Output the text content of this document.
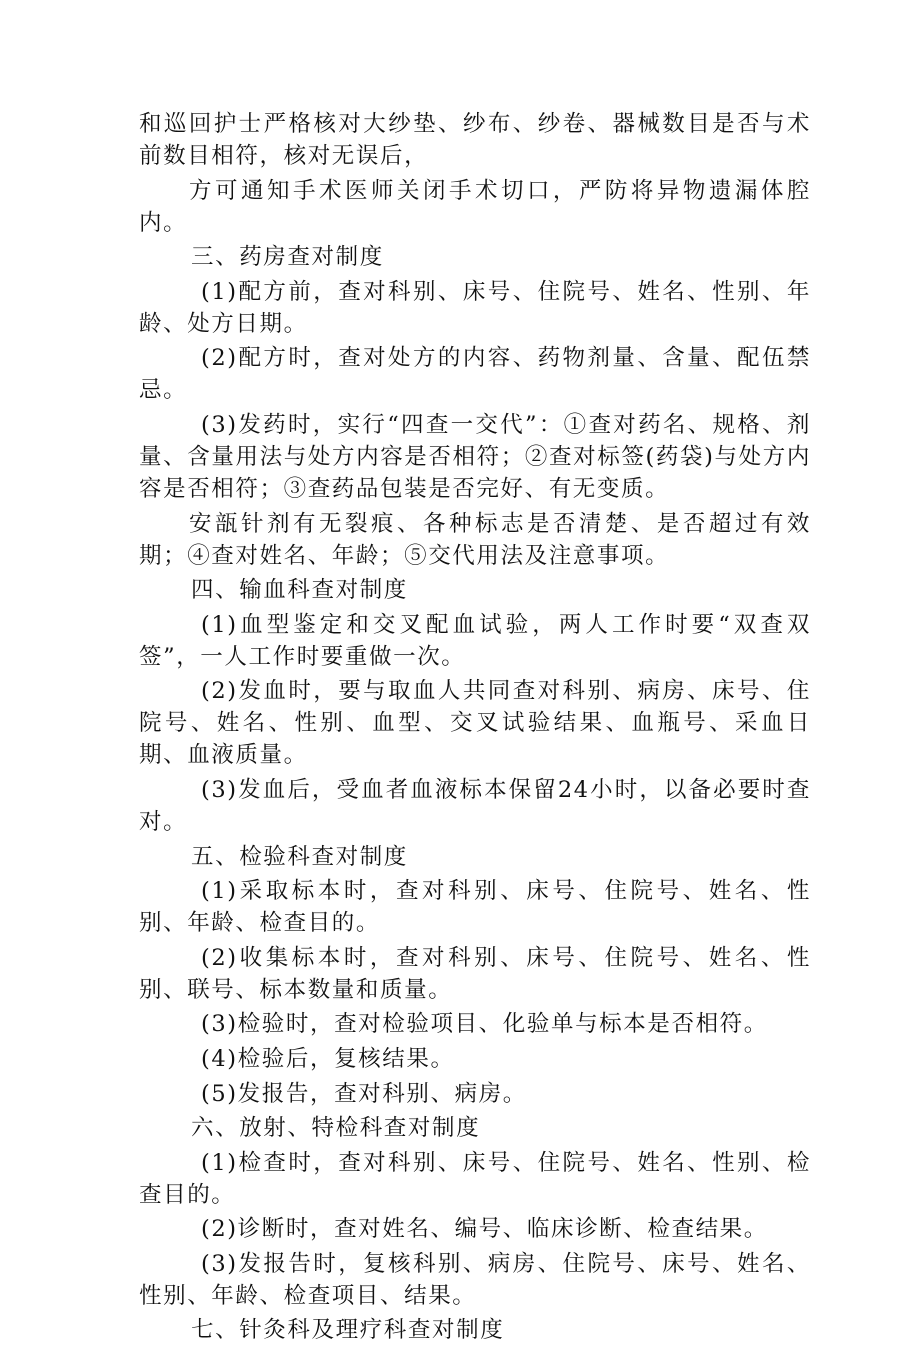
和巡回护士严格核对大纱垫、纱布、纱卷、器械数目是否与术前数目相符，核对无误后，

方可通知手术医师关闭手术切口，严防将异物遗漏体腔内。

三、药房查对制度

(1)配方前，查对科别、床号、住院号、姓名、性别、年龄、处方日期。

(2)配方时，查对处方的内容、药物剂量、含量、配伍禁忌。

(3)发药时，实行“四查一交代”：①查对药名、规格、剂量、含量用法与处方内容是否相符；②查对标签(药袋)与处方内容是否相符；③查药品包装是否完好、有无变质。

安瓿针剂有无裂痕、各种标志是否清楚、是否超过有效期；④查对姓名、年龄；⑤交代用法及注意事项。

四、输血科查对制度

(1)血型鉴定和交叉配血试验，两人工作时要“双查双签”，一人工作时要重做一次。

(2)发血时，要与取血人共同查对科别、病房、床号、住院号、姓名、性别、血型、交叉试验结果、血瓶号、采血日期、血液质量。

(3)发血后，受血者血液标本保留24小时，以备必要时查对。

五、检验科查对制度

(1)采取标本时，查对科别、床号、住院号、姓名、性别、年龄、检查目的。

(2)收集标本时，查对科别、床号、住院号、姓名、性别、联号、标本数量和质量。

(3)检验时，查对检验项目、化验单与标本是否相符。

(4)检验后，复核结果。

(5)发报告，查对科别、病房。

六、放射、特检科查对制度

(1)检查时，查对科别、床号、住院号、姓名、性别、检查目的。

(2)诊断时，查对姓名、编号、临床诊断、检查结果。

(3)发报告时，复核科别、病房、住院号、床号、姓名、性别、年龄、检查项目、结果。

七、针灸科及理疗科查对制度
